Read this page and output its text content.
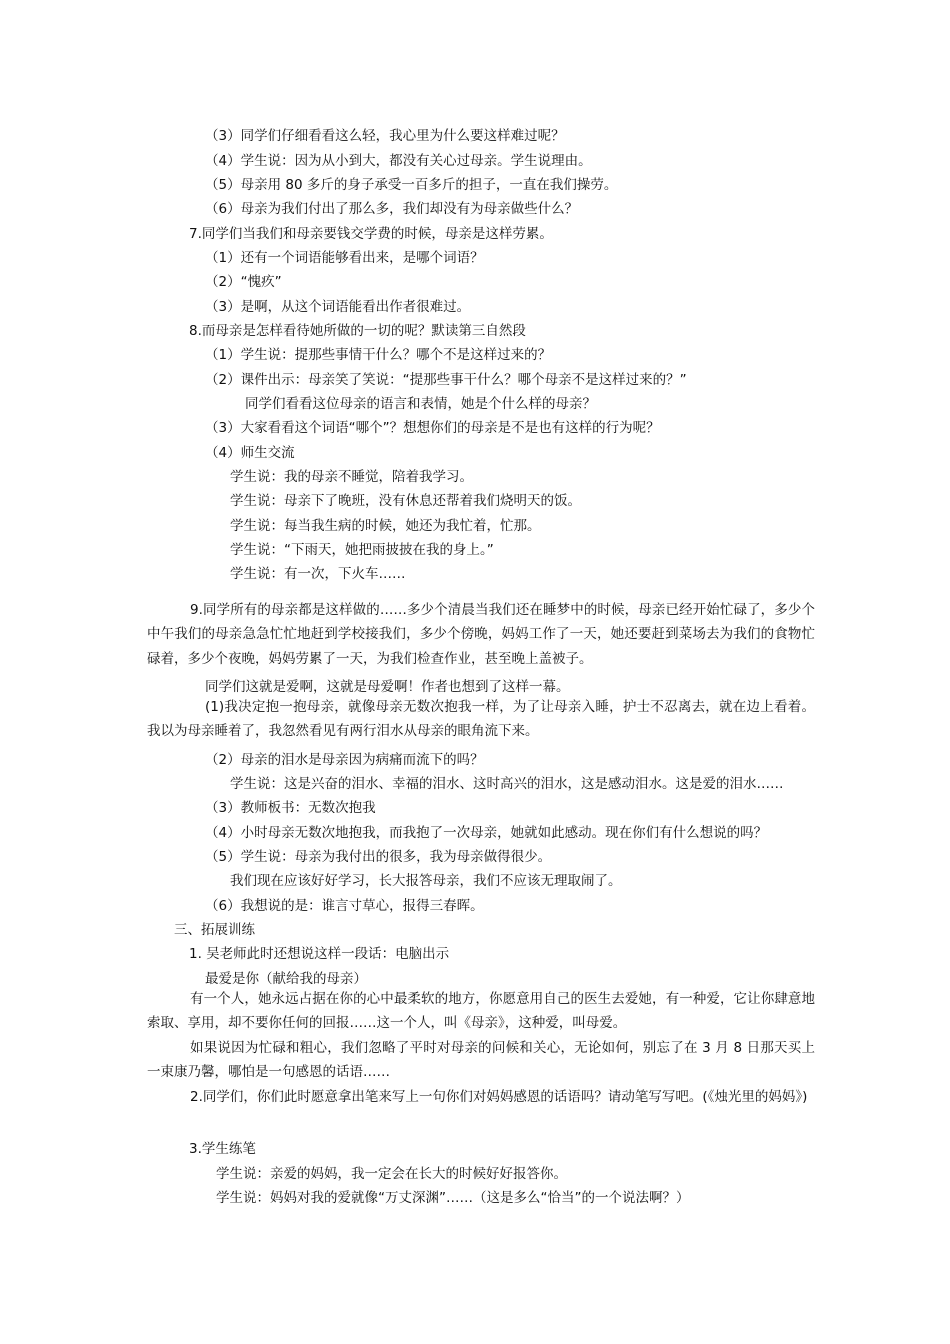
（3）同学们仔细看看这么轻，我心里为什么要这样难过呢？
（4）学生说：因为从小到大，都没有关心过母亲。学生说理由。
（5）母亲用 80 多斤的身子承受一百多斤的担子，一直在我们操劳。
（6）母亲为我们付出了那么多，我们却没有为母亲做些什么？
7.同学们当我们和母亲要钱交学费的时候，母亲是这样劳累。
（1）还有一个词语能够看出来，是哪个词语？
（2）“愧疚”
（3）是啊，从这个词语能看出作者很难过。
8.而母亲是怎样看待她所做的一切的呢？默读第三自然段
（1）学生说：提那些事情干什么？哪个不是这样过来的？
（2）课件出示：母亲笑了笑说：“提那些事干什么？哪个母亲不是这样过来的？”
同学们看看这位母亲的语言和表情，她是个什么样的母亲？
（3）大家看看这个词语“哪个”？想想你们的母亲是不是也有这样的行为呢？
（4）师生交流
学生说：我的母亲不睡觉，陪着我学习。
学生说：母亲下了晚班，没有休息还帮着我们烧明天的饭。
学生说：每当我生病的时候，她还为我忙着，忙那。
学生说：“下雨天，她把雨披披在我的身上。”
学生说：有一次，下火车……
9.同学所有的母亲都是这样做的……多少个清晨当我们还在睡梦中的时候，母亲已经开始忙碌了，多少个中午我们的母亲急急忙忙地赶到学校接我们，多少个傍晚，妈妈工作了一天，她还要赶到菜场去为我们的食物忙碌着，多少个夜晚，妈妈劳累了一天，为我们检查作业，甚至晚上盖被子。
同学们这就是爱啊，这就是母爱啊！作者也想到了这样一幕。
(1)我决定抱一抱母亲，就像母亲无数次抱我一样，为了让母亲入睡，护士不忍离去，就在边上看着。我以为母亲睡着了，我忽然看见有两行泪水从母亲的眼角流下来。
（2）母亲的泪水是母亲因为病痛而流下的吗？
学生说：这是兴奋的泪水、幸福的泪水、这时高兴的泪水，这是感动泪水。这是爱的泪水……
（3）教师板书：无数次抱我
（4）小时母亲无数次地抱我，而我抱了一次母亲，她就如此感动。现在你们有什么想说的吗？
（5）学生说：母亲为我付出的很多，我为母亲做得很少。
我们现在应该好好学习，长大报答母亲，我们不应该无理取闹了。
（6）我想说的是：谁言寸草心，报得三春晖。
三、拓展训练
1. 吴老师此时还想说这样一段话：电脑出示
最爱是你（献给我的母亲）
有一个人，她永远占据在你的心中最柔软的地方，你愿意用自己的医生去爱她，有一种爱，它让你肆意地索取、享用，却不要你任何的回报……这一个人，叫《母亲》，这种爱，叫母爱。
如果说因为忙碌和粗心，我们忽略了平时对母亲的问候和关心，无论如何，别忘了在 3 月 8 日那天买上一束康乃馨，哪怕是一句感恩的话语……
2.同学们，你们此时愿意拿出笔来写上一句你们对妈妈感恩的话语吗？请动笔写写吧。(《烛光里的妈妈》)
3.学生练笔
学生说：亲爱的妈妈，我一定会在长大的时候好好报答你。
学生说：妈妈对我的爱就像“万丈深渊”……（这是多么“恰当”的一个说法啊？）
